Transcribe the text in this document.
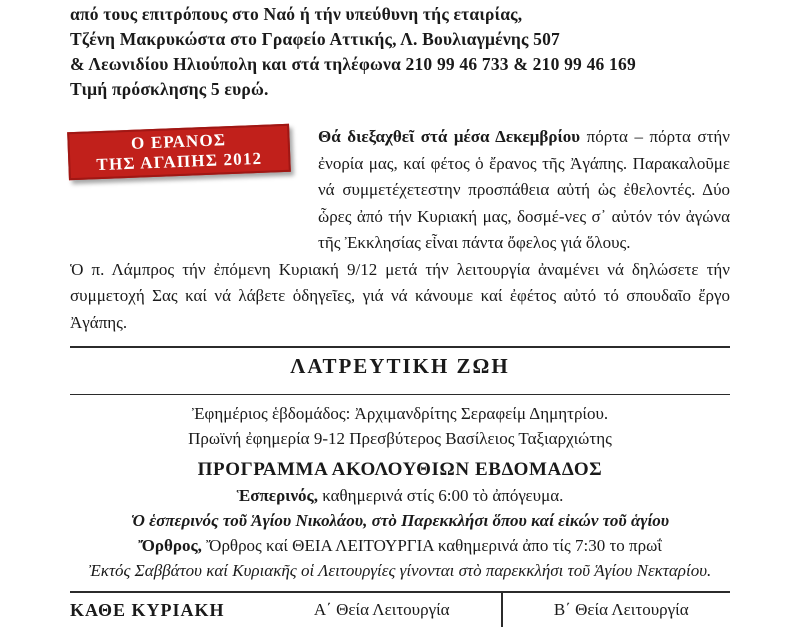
από τους επιτρόπους στο Ναό ή τήν υπεύθυνη τής εταιρίας,
Τζένη Μακρυκώστα στο Γραφείο Αττικής, Λ. Βουλιαγμένης 507
& Λεωνιδίου Ηλιούπολη και στά τηλέφωνα 210 99 46 733 & 210 99 46 169
Τιμή πρόσκλησης 5 ευρώ.
Ο ΕΡΑΝΟΣ
ΤΗΣ ΑΓΑΠΗΣ 2012

Θά διεξαχθεῖ στά μέσα Δεκεμβρίου πόρτα – πόρτα στήν ἐνορία μας, καί φέτος ὁ ἔρανος τῆς Ἀγάπης. Παρακαλοῦμε νά συμμετέχετεστην προσπάθεια αὐτή ὡς ἐθελοντές. Δύο ὧρες ἀπό τήν Κυριακή μας, δοσμέ-νες σ᾽ αὐτόν τόν ἀγώνα τῆς Ἐκκλησίας εἶναι πάντα ὄφελος γιά ὅλους.

Ὁ π. Λάμπρος τήν ἐπόμενη Κυριακή 9/12 μετά τήν λειτουργία ἀναμένει νά δηλώσετε τήν συμμετοχή Σας καί νά λάβετε ὁδηγεῖες, γιά νά κάνουμε καί ἐφέτος αὐτό τό σπουδαῖο ἔργο Ἀγάπης.

ΛΑΤΡΕΥΤΙΚΗ ΖΩΗ

Ἐφημέριος ἑβδομάδος: Ἀρχιμανδρίτης Σεραφείμ Δημητρίου.

Πρωϊνή ἐφημερία 9-12 Πρεσβύτερος Βασίλειος Ταξιαρχιώτης

ΠΡΟΓΡΑΜΜΑ ΑΚΟΛΟΥΘΙΩΝ ΕΒΔΟΜΑΔΟΣ

Ἑσπερινός, καθημερινά στίς 6:00 τὸ ἀπόγευμα.

Ὁ ἑσπερινός τοῦ Ἁγίου Νικολάου, στὸ Παρεκκλήσι ὅπου καί εἰκών τοῦ ἁγίου

Ὄρθρος, Ὄρθρος καί ΘΕΙΑ ΛΕΙΤΟΥΡΓΙΑ καθημερινά ἀπο τίς 7:30 το πρωΐ

Ἐκτός Σαββάτου καί Κυριακῆς οἱ Λειτουργίες γίνονται στὸ παρεκκλήσι τοῦ Ἁγίου Νεκταρίου.

ΚΑΘΕ ΚΥΡΙΑΚΗ	Α΄ Θεία Λειτουργία	Β΄ Θεία Λειτουργία
